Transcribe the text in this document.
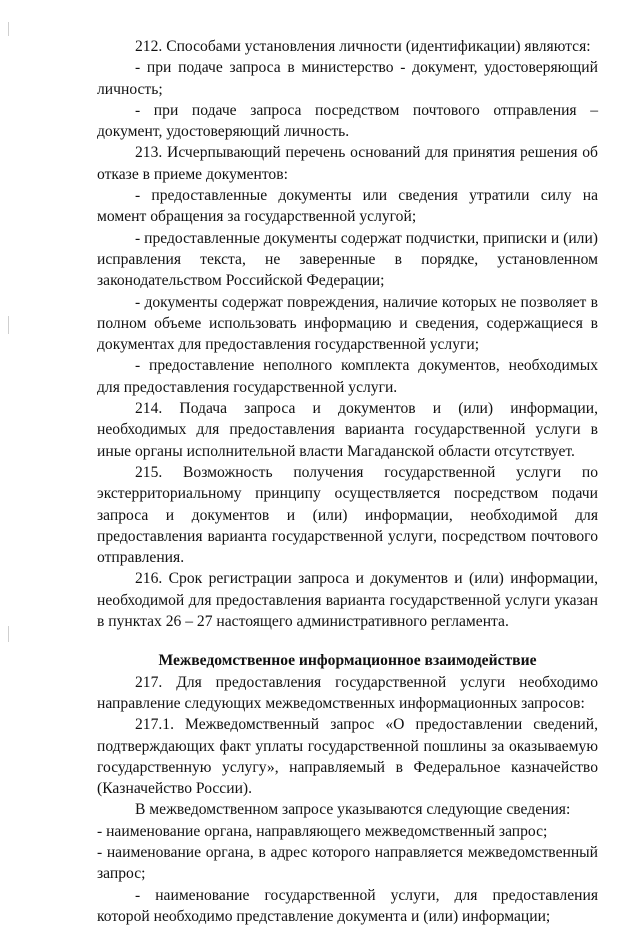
212. Способами установления личности (идентификации) являются:

- при подаче запроса в министерство - документ, удостоверяющий личность;

- при подаче запроса посредством почтового отправления – документ, удостоверяющий личность.

213. Исчерпывающий перечень оснований для принятия решения об отказе в приеме документов:

- предоставленные документы или сведения утратили силу на момент обращения за государственной услугой;

- предоставленные документы содержат подчистки, приписки и (или) исправления текста, не заверенные в порядке, установленном законодательством Российской Федерации;

- документы содержат повреждения, наличие которых не позволяет в полном объеме использовать информацию и сведения, содержащиеся в документах для предоставления государственной услуги;

- предоставление неполного комплекта документов, необходимых для предоставления государственной услуги.

214. Подача запроса и документов и (или) информации, необходимых для предоставления варианта государственной услуги в иные органы исполнительной власти Магаданской области отсутствует.

215. Возможность получения государственной услуги по экстерриториальному принципу осуществляется посредством подачи запроса и документов и (или) информации, необходимой для предоставления варианта государственной услуги, посредством почтового отправления.

216. Срок регистрации запроса и документов и (или) информации, необходимой для предоставления варианта государственной услуги указан в пунктах 26 – 27 настоящего административного регламента.

Межведомственное информационное взаимодействие

217. Для предоставления государственной услуги необходимо направление следующих межведомственных информационных запросов:

217.1. Межведомственный запрос «О предоставлении сведений, подтверждающих факт уплаты государственной пошлины за оказываемую государственную услугу», направляемый в Федеральное казначейство (Казначейство России).

В межведомственном запросе указываются следующие сведения:

- наименование органа, направляющего межведомственный запрос;

- наименование органа, в адрес которого направляется межведомственный запрос;

- наименование государственной услуги, для предоставления которой необходимо представление документа и (или) информации;
